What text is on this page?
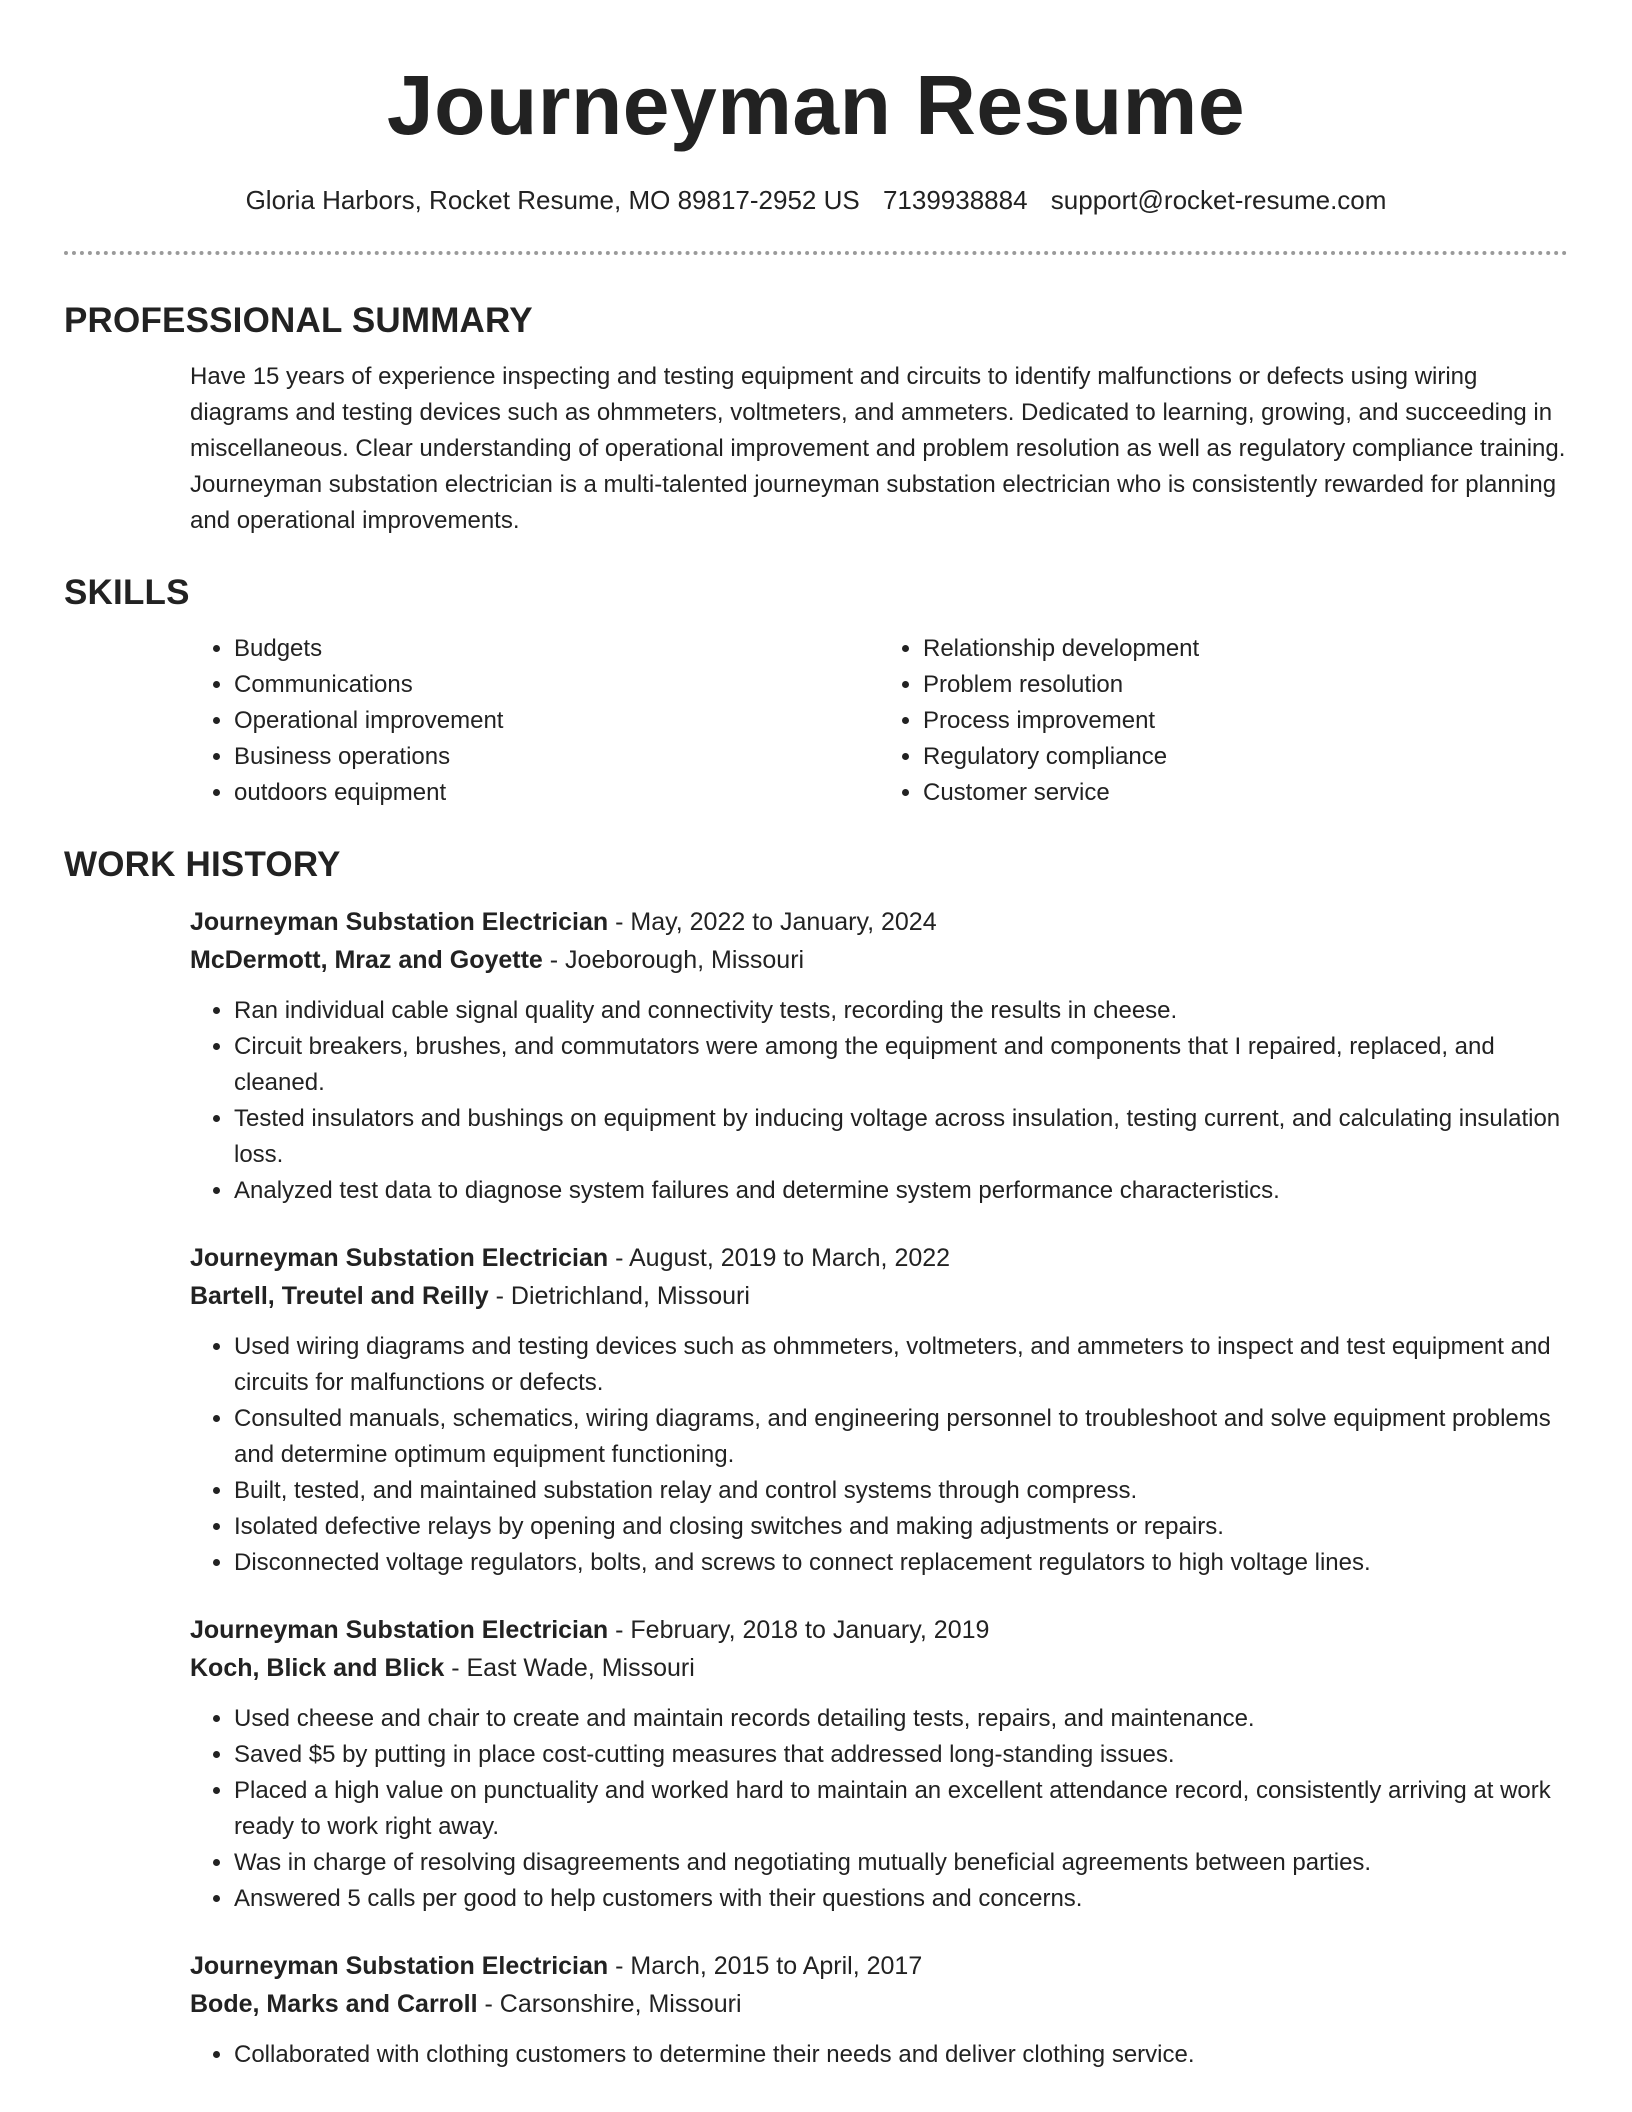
Journeyman Resume
Gloria Harbors, Rocket Resume, MO 89817-2952 US 7139938884 support@rocket-resume.com
PROFESSIONAL SUMMARY
Have 15 years of experience inspecting and testing equipment and circuits to identify malfunctions or defects using wiring diagrams and testing devices such as ohmmeters, voltmeters, and ammeters. Dedicated to learning, growing, and succeeding in miscellaneous. Clear understanding of operational improvement and problem resolution as well as regulatory compliance training. Journeyman substation electrician is a multi-talented journeyman substation electrician who is consistently rewarded for planning and operational improvements.
SKILLS
• Budgets
• Communications
• Operational improvement
• Business operations
• outdoors equipment
• Relationship development
• Problem resolution
• Process improvement
• Regulatory compliance
• Customer service
WORK HISTORY
Journeyman Substation Electrician - May, 2022 to January, 2024
McDermott, Mraz and Goyette - Joeborough, Missouri
• Ran individual cable signal quality and connectivity tests, recording the results in cheese.
• Circuit breakers, brushes, and commutators were among the equipment and components that I repaired, replaced, and cleaned.
• Tested insulators and bushings on equipment by inducing voltage across insulation, testing current, and calculating insulation loss.
• Analyzed test data to diagnose system failures and determine system performance characteristics.
Journeyman Substation Electrician - August, 2019 to March, 2022
Bartell, Treutel and Reilly - Dietrichland, Missouri
• Used wiring diagrams and testing devices such as ohmmeters, voltmeters, and ammeters to inspect and test equipment and circuits for malfunctions or defects.
• Consulted manuals, schematics, wiring diagrams, and engineering personnel to troubleshoot and solve equipment problems and determine optimum equipment functioning.
• Built, tested, and maintained substation relay and control systems through compress.
• Isolated defective relays by opening and closing switches and making adjustments or repairs.
• Disconnected voltage regulators, bolts, and screws to connect replacement regulators to high voltage lines.
Journeyman Substation Electrician - February, 2018 to January, 2019
Koch, Blick and Blick - East Wade, Missouri
• Used cheese and chair to create and maintain records detailing tests, repairs, and maintenance.
• Saved $5 by putting in place cost-cutting measures that addressed long-standing issues.
• Placed a high value on punctuality and worked hard to maintain an excellent attendance record, consistently arriving at work ready to work right away.
• Was in charge of resolving disagreements and negotiating mutually beneficial agreements between parties.
• Answered 5 calls per good to help customers with their questions and concerns.
Journeyman Substation Electrician - March, 2015 to April, 2017
Bode, Marks and Carroll - Carsonshire, Missouri
• Collaborated with clothing customers to determine their needs and deliver clothing service.
